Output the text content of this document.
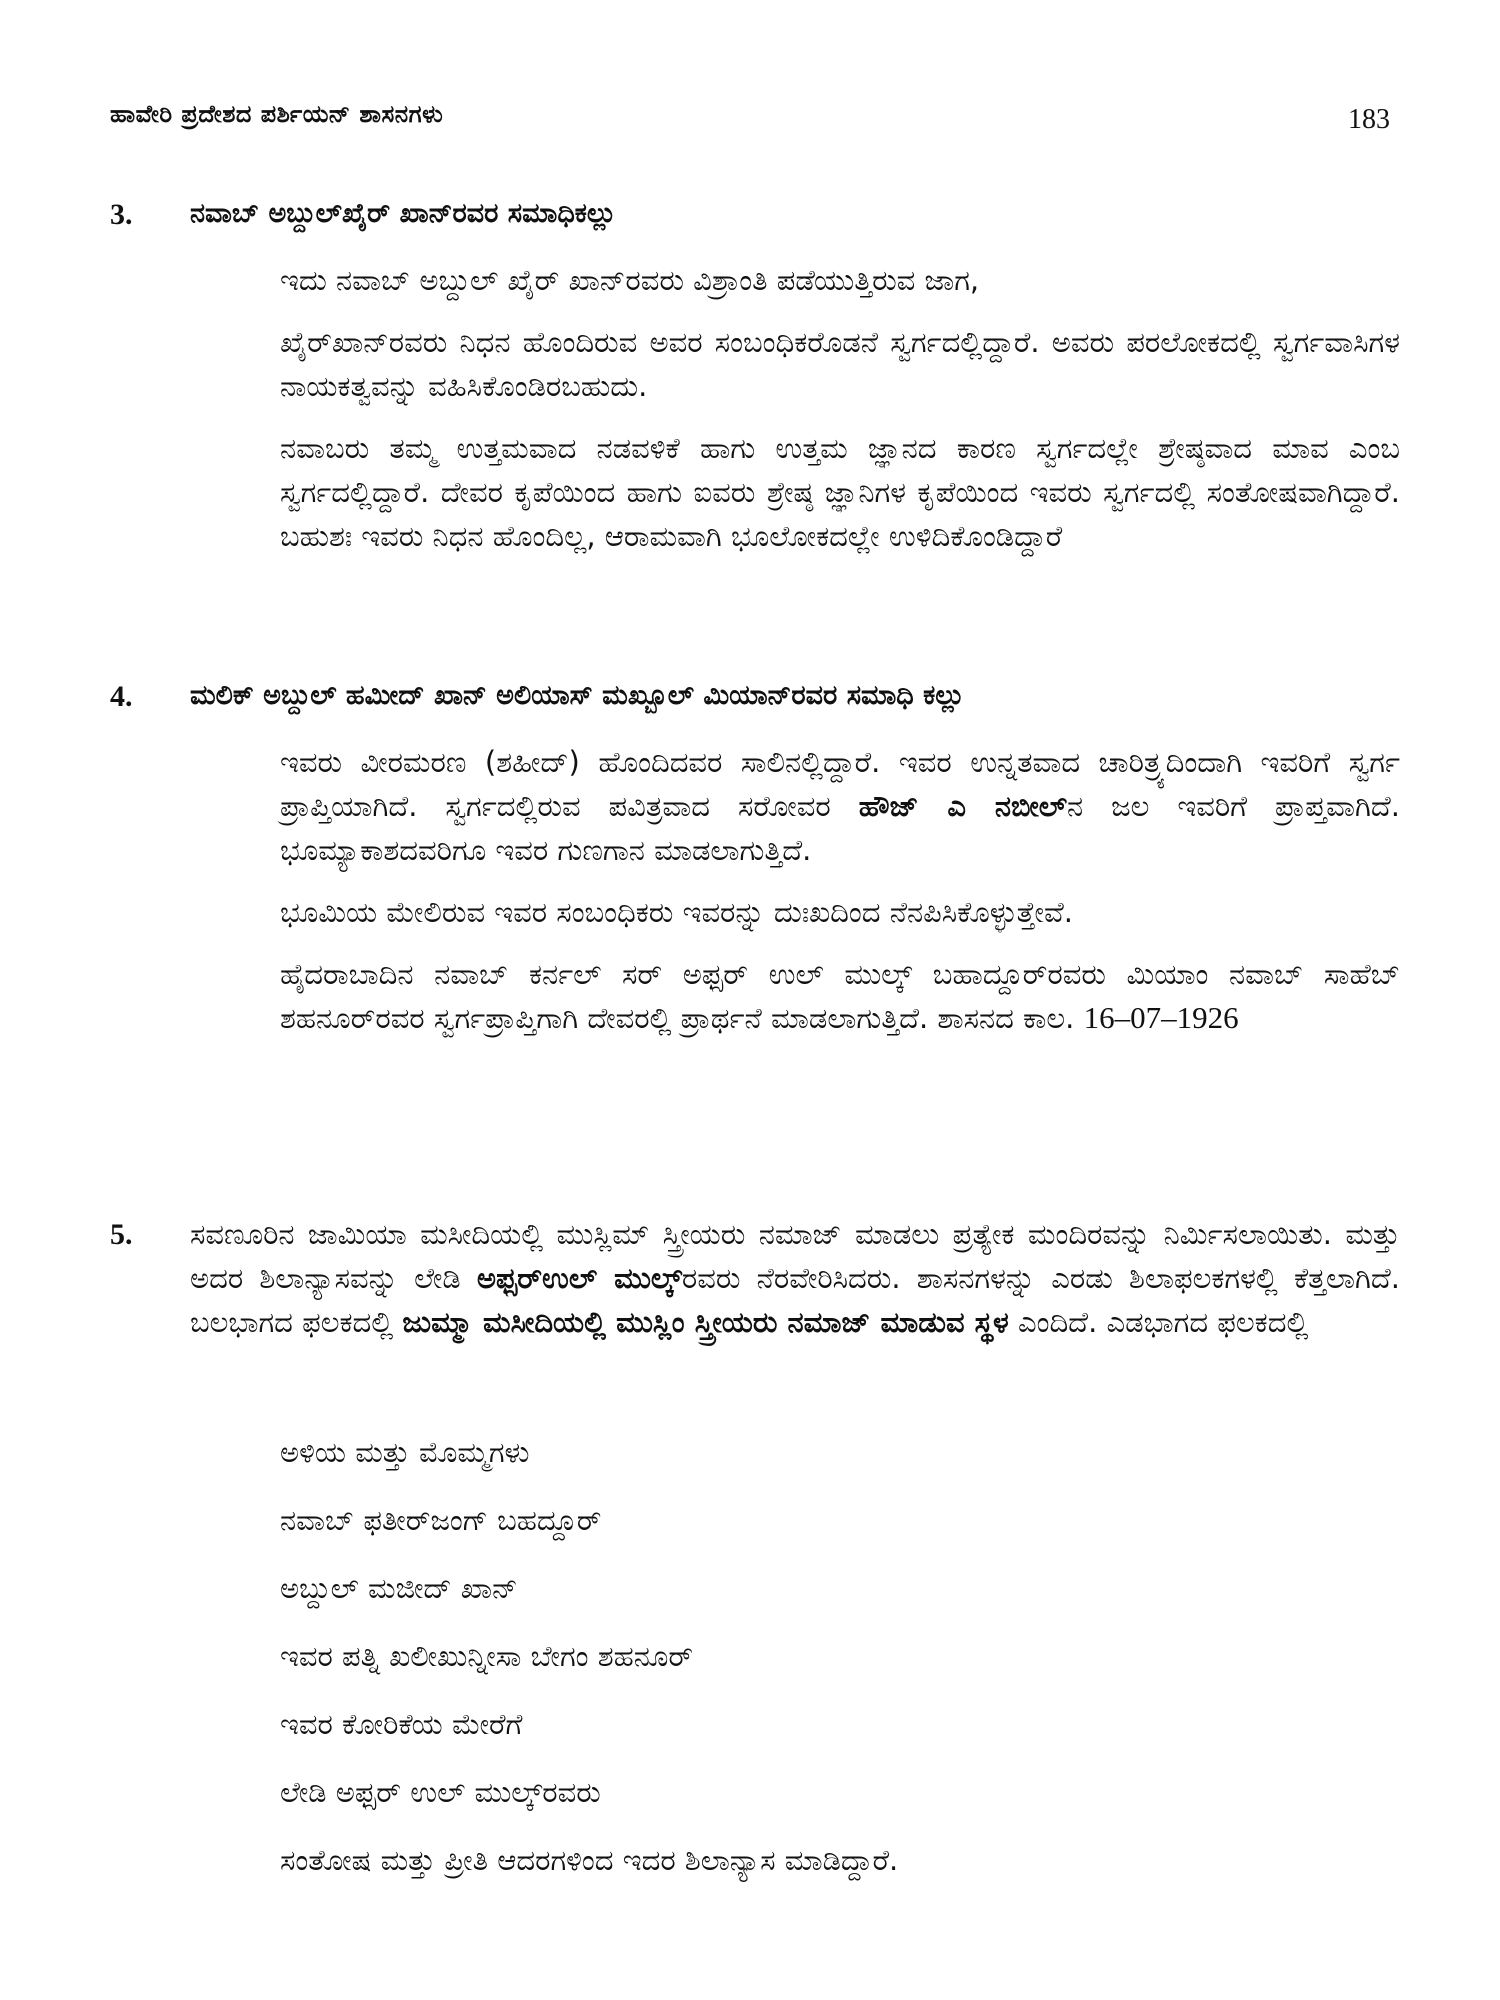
ಹಾವೇರಿ ಪ್ರದೇಶದ ಪರ್ಶಿಯನ್ ಶಾಸನಗಳು	183
3. ನವಾಬ್ ಅಬ್ದುಲ್‌ಖೈರ್ ಖಾನ್‌ರವರ ಸಮಾಧಿಕಲ್ಲು

ಇದು ನವಾಬ್ ಅಬ್ದುಲ್ ಖೈರ್ ಖಾನ್‌ರವರು ವಿಶ್ರಾಂತಿ ಪಡೆಯುತ್ತಿರುವ ಜಾಗ,

ಖೈರ್‌ಖಾನ್‌ರವರು ನಿಧನ ಹೊಂದಿರುವ ಅವರ ಸಂಬಂಧಿಕರೊಡನೆ ಸ್ವರ್ಗದಲ್ಲಿದ್ದಾರೆ. ಅವರು ಪರಲೋಕದಲ್ಲಿ ಸ್ವರ್ಗವಾಸಿಗಳ ನಾಯಕತ್ವವನ್ನು ವಹಿಸಿಕೊಂಡಿರಬಹುದು.

ನವಾಬರು ತಮ್ಮ ಉತ್ತಮವಾದ ನಡವಳಿಕೆ ಹಾಗು ಉತ್ತಮ ಜ್ಞಾನದ ಕಾರಣ ಸ್ವರ್ಗದಲ್ಲೇ ಶ್ರೇಷ್ಠವಾದ ಮಾವ ಎಂಬ ಸ್ವರ್ಗದಲ್ಲಿದ್ದಾರೆ. ದೇವರ ಕೃಪೆಯಿಂದ ಹಾಗು ಐವರು ಶ್ರೇಷ್ಠ ಜ್ಞಾನಿಗಳ ಕೃಪೆಯಿಂದ ಇವರು ಸ್ವರ್ಗದಲ್ಲಿ ಸಂತೋಷವಾಗಿದ್ದಾರೆ. ಬಹುಶಃ ಇವರು ನಿಧನ ಹೊಂದಿಲ್ಲ, ಆರಾಮವಾಗಿ ಭೂಲೋಕದಲ್ಲೇ ಉಳಿದಿಕೊಂಡಿದ್ದಾರೆ

4. ಮಲಿಕ್ ಅಬ್ದುಲ್ ಹಮೀದ್ ಖಾನ್ ಅಲಿಯಾಸ್ ಮಖ್ಬೂಲ್ ಮಿಯಾನ್‌ರವರ ಸಮಾಧಿ ಕಲ್ಲು

ಇವರು ವೀರಮರಣ (ಶಹೀದ್) ಹೊಂದಿದವರ ಸಾಲಿನಲ್ಲಿದ್ದಾರೆ. ಇವರ ಉನ್ನತವಾದ ಚಾರಿತ್ರ್ಯದಿಂದಾಗಿ ಇವರಿಗೆ ಸ್ವರ್ಗ ಪ್ರಾಪ್ತಿಯಾಗಿದೆ. ಸ್ವರ್ಗದಲ್ಲಿರುವ ಪವಿತ್ರವಾದ ಸರೋವರ ಹೌಜ್ ಎ ನಬೀಲ್ನ ಜಲ ಇವರಿಗೆ ಪ್ರಾಪ್ತವಾಗಿದೆ. ಭೂಮ್ಯಾಕಾಶದವರಿಗೂ ಇವರ ಗುಣಗಾನ ಮಾಡಲಾಗುತ್ತಿದೆ.

ಭೂಮಿಯ ಮೇಲಿರುವ ಇವರ ಸಂಬಂಧಿಕರು ಇವರನ್ನು ದುಃಖದಿಂದ ನೆನಪಿಸಿಕೊಳ್ಳುತ್ತೇವೆ.

ಹೈದರಾಬಾದಿನ ನವಾಬ್ ಕರ್ನಲ್ ಸರ್ ಅಫ್ಸರ್ ಉಲ್ ಮುಲ್ಕ್ ಬಹಾದ್ದೂರ್‌ರವರು ಮಿಯಾಂ ನವಾಬ್ ಸಾಹೆಬ್ ಶಹನೂರ್‌ರವರ ಸ್ವರ್ಗಪ್ರಾಪ್ತಿಗಾಗಿ ದೇವರಲ್ಲಿ ಪ್ರಾರ್ಥನೆ ಮಾಡಲಾಗುತ್ತಿದೆ. ಶಾಸನದ ಕಾಲ. 16–07–1926

5. ಸವಣೂರಿನ ಜಾಮಿಯಾ ಮಸೀದಿಯಲ್ಲಿ ಮುಸ್ಲಿಮ್ ಸ್ತ್ರೀಯರು ನಮಾಜ್ ಮಾಡಲು ಪ್ರತ್ಯೇಕ ಮಂದಿರವನ್ನು ನಿರ್ಮಿಸಲಾಯಿತು. ಮತ್ತು ಅದರ ಶಿಲಾನ್ಯಾಸವನ್ನು ಲೇಡಿ ಅಫ್ಸರ್‌ಉಲ್ ಮುಲ್ಕ್ರವರು ನೆರವೇರಿಸಿದರು. ಶಾಸನಗಳನ್ನು ಎರಡು ಶಿಲಾಫಲಕಗಳಲ್ಲಿ ಕೆತ್ತಲಾಗಿದೆ. ಬಲಭಾಗದ ಫಲಕದಲ್ಲಿ ಜುಮ್ಮಾ ಮಸೀದಿಯಲ್ಲಿ ಮುಸ್ಲಿಂ ಸ್ತ್ರೀಯರು ನಮಾಜ್ ಮಾಡುವ ಸ್ಥಳ ಎಂದಿದೆ. ಎಡಭಾಗದ ಫಲಕದಲ್ಲಿ

ಅಳಿಯ ಮತ್ತು ಮೊಮ್ಮಗಳು
ನವಾಬ್ ಫತೀರ್‌ಜಂಗ್ ಬಹದ್ದೂರ್
ಅಬ್ದುಲ್ ಮಜೀದ್ ಖಾನ್
ಇವರ ಪತ್ನಿ ಖಲೀಖುನ್ನೀಸಾ ಬೇಗಂ ಶಹನೂರ್
ಇವರ ಕೋರಿಕೆಯ ಮೇರೆಗೆ
ಲೇಡಿ ಅಫ್ಸರ್ ಉಲ್ ಮುಲ್ಕ್‌ರವರು
ಸಂತೋಷ ಮತ್ತು ಪ್ರೀತಿ ಆದರಗಳಿಂದ ಇದರ ಶಿಲಾನ್ಯಾಸ ಮಾಡಿದ್ದಾರೆ.
